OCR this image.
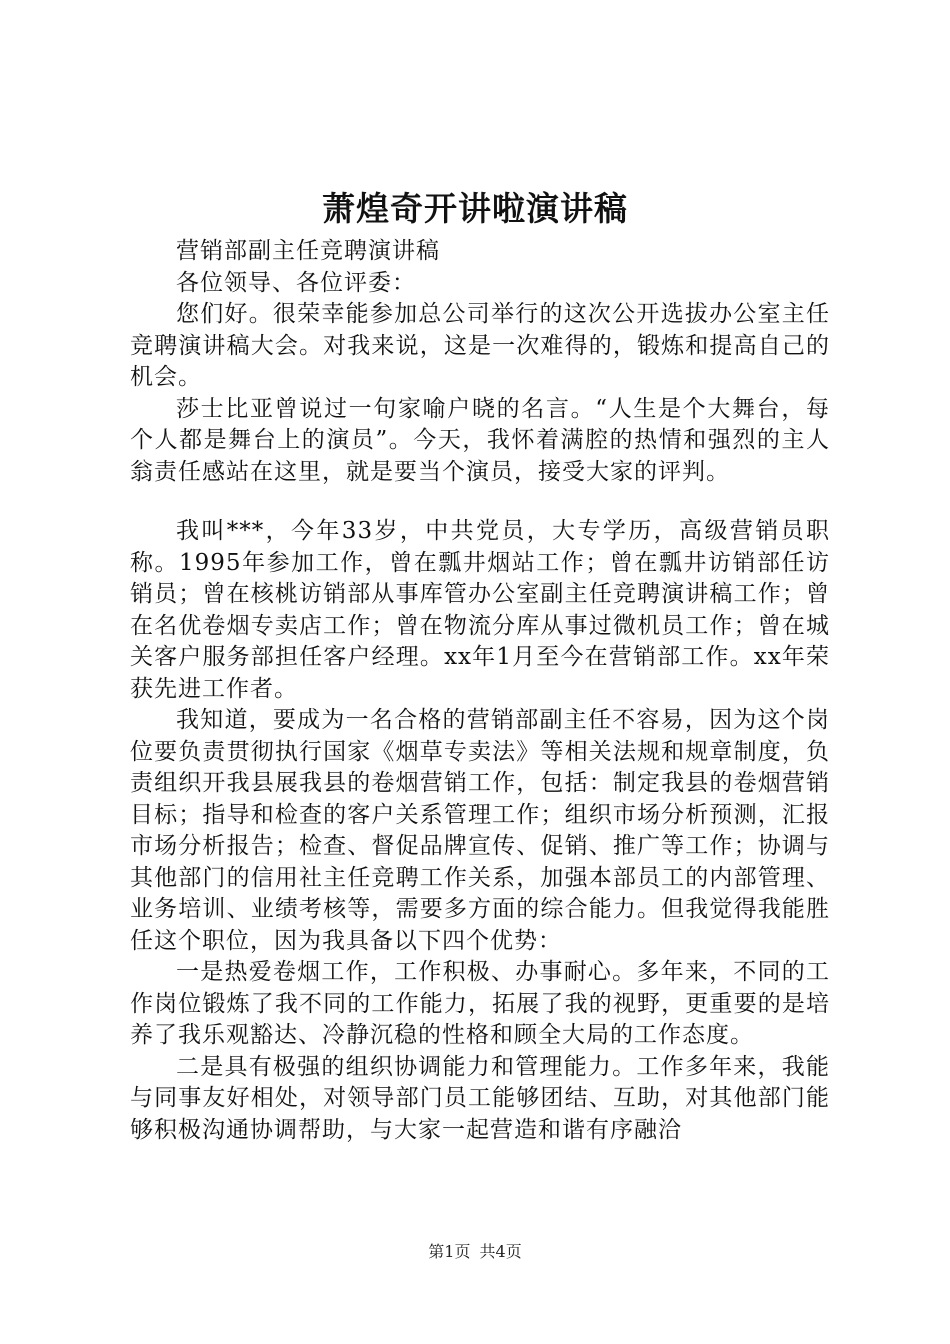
萧煌奇开讲啦演讲稿

营销部副主任竞聘演讲稿

各位领导、各位评委：

您们好。很荣幸能参加总公司举行的这次公开选拔办公室主任竞聘演讲稿大会。对我来说，这是一次难得的，锻炼和提高自己的机会。

莎士比亚曾说过一句家喻户晓的名言。“人生是个大舞台，每个人都是舞台上的演员”。今天，我怀着满腔的热情和强烈的主人翁责任感站在这里，就是要当个演员，接受大家的评判。

我叫***，今年33岁，中共党员，大专学历，高级营销员职称。1995年参加工作，曾在瓢井烟站工作；曾在瓢井访销部任访销员；曾在核桃访销部从事库管办公室副主任竞聘演讲稿工作；曾在名优卷烟专卖店工作；曾在物流分库从事过微机员工作；曾在城关客户服务部担任客户经理。xx年1月至今在营销部工作。xx年荣获先进工作者。

我知道，要成为一名合格的营销部副主任不容易，因为这个岗位要负责贯彻执行国家《烟草专卖法》等相关法规和规章制度，负责组织开我县展我县的卷烟营销工作，包括：制定我县的卷烟营销目标；指导和检查的客户关系管理工作；组织市场分析预测，汇报市场分析报告；检查、督促品牌宣传、促销、推广等工作；协调与其他部门的信用社主任竞聘工作关系，加强本部员工的内部管理、业务培训、业绩考核等，需要多方面的综合能力。但我觉得我能胜任这个职位，因为我具备以下四个优势：

一是热爱卷烟工作，工作积极、办事耐心。多年来，不同的工作岗位锻炼了我不同的工作能力，拓展了我的视野，更重要的是培养了我乐观豁达、冷静沉稳的性格和顾全大局的工作态度。

二是具有极强的组织协调能力和管理能力。工作多年来，我能与同事友好相处，对领导部门员工能够团结、互助，对其他部门能够积极沟通协调帮助，与大家一起营造和谐有序融洽

第1页 共4页
